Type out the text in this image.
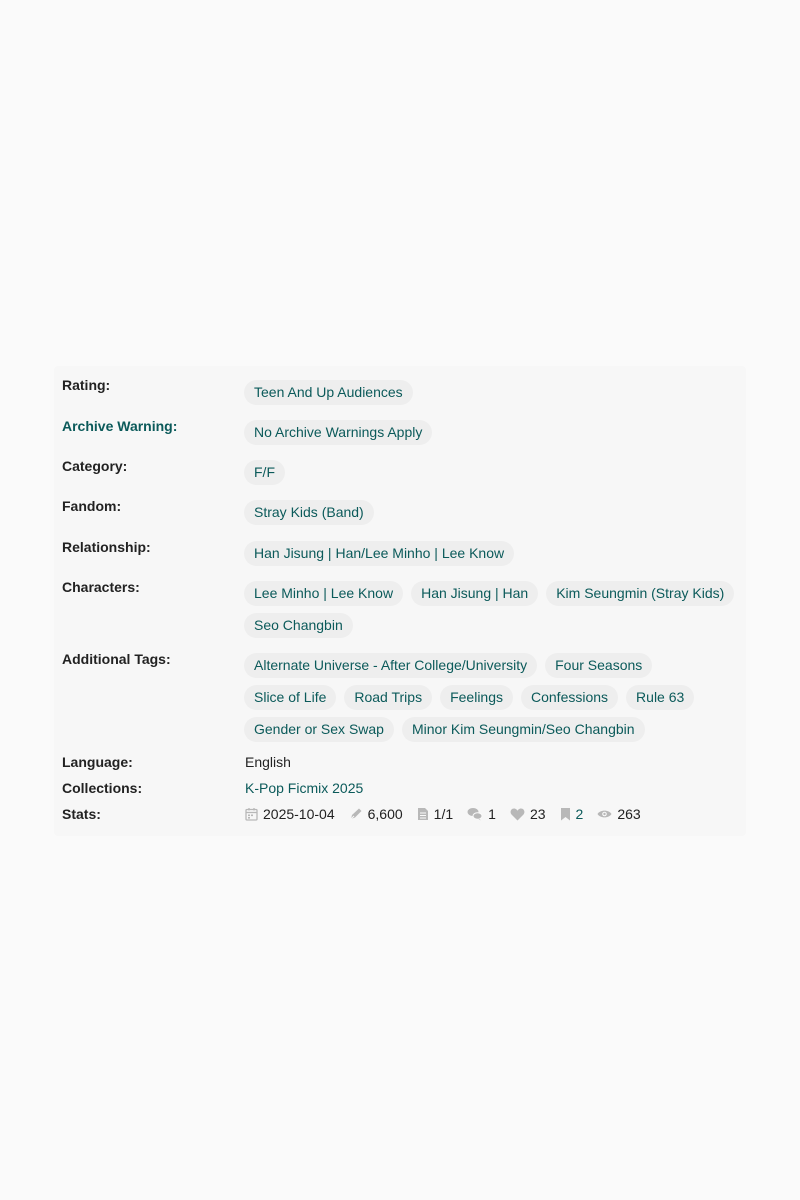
Rating:	Teen And Up Audiences
Archive Warning:	No Archive Warnings Apply
Category:	F/F
Fandom:	Stray Kids (Band)
Relationship:	Han Jisung | Han/Lee Minho | Lee Know
Characters:	Lee Minho | Lee Know	Han Jisung | Han	Kim Seungmin (Stray Kids)
Seo Changbin
Additional Tags:	Alternate Universe - After College/University	Four Seasons
Slice of Life	Road Trips	Feelings	Confessions	Rule 63
Gender or Sex Swap	Minor Kim Seungmin/Seo Changbin
Language:	English
Collections:	K-Pop Ficmix 2025
Stats:	2025-10-04 6,600 1/1	1 23 2 263
